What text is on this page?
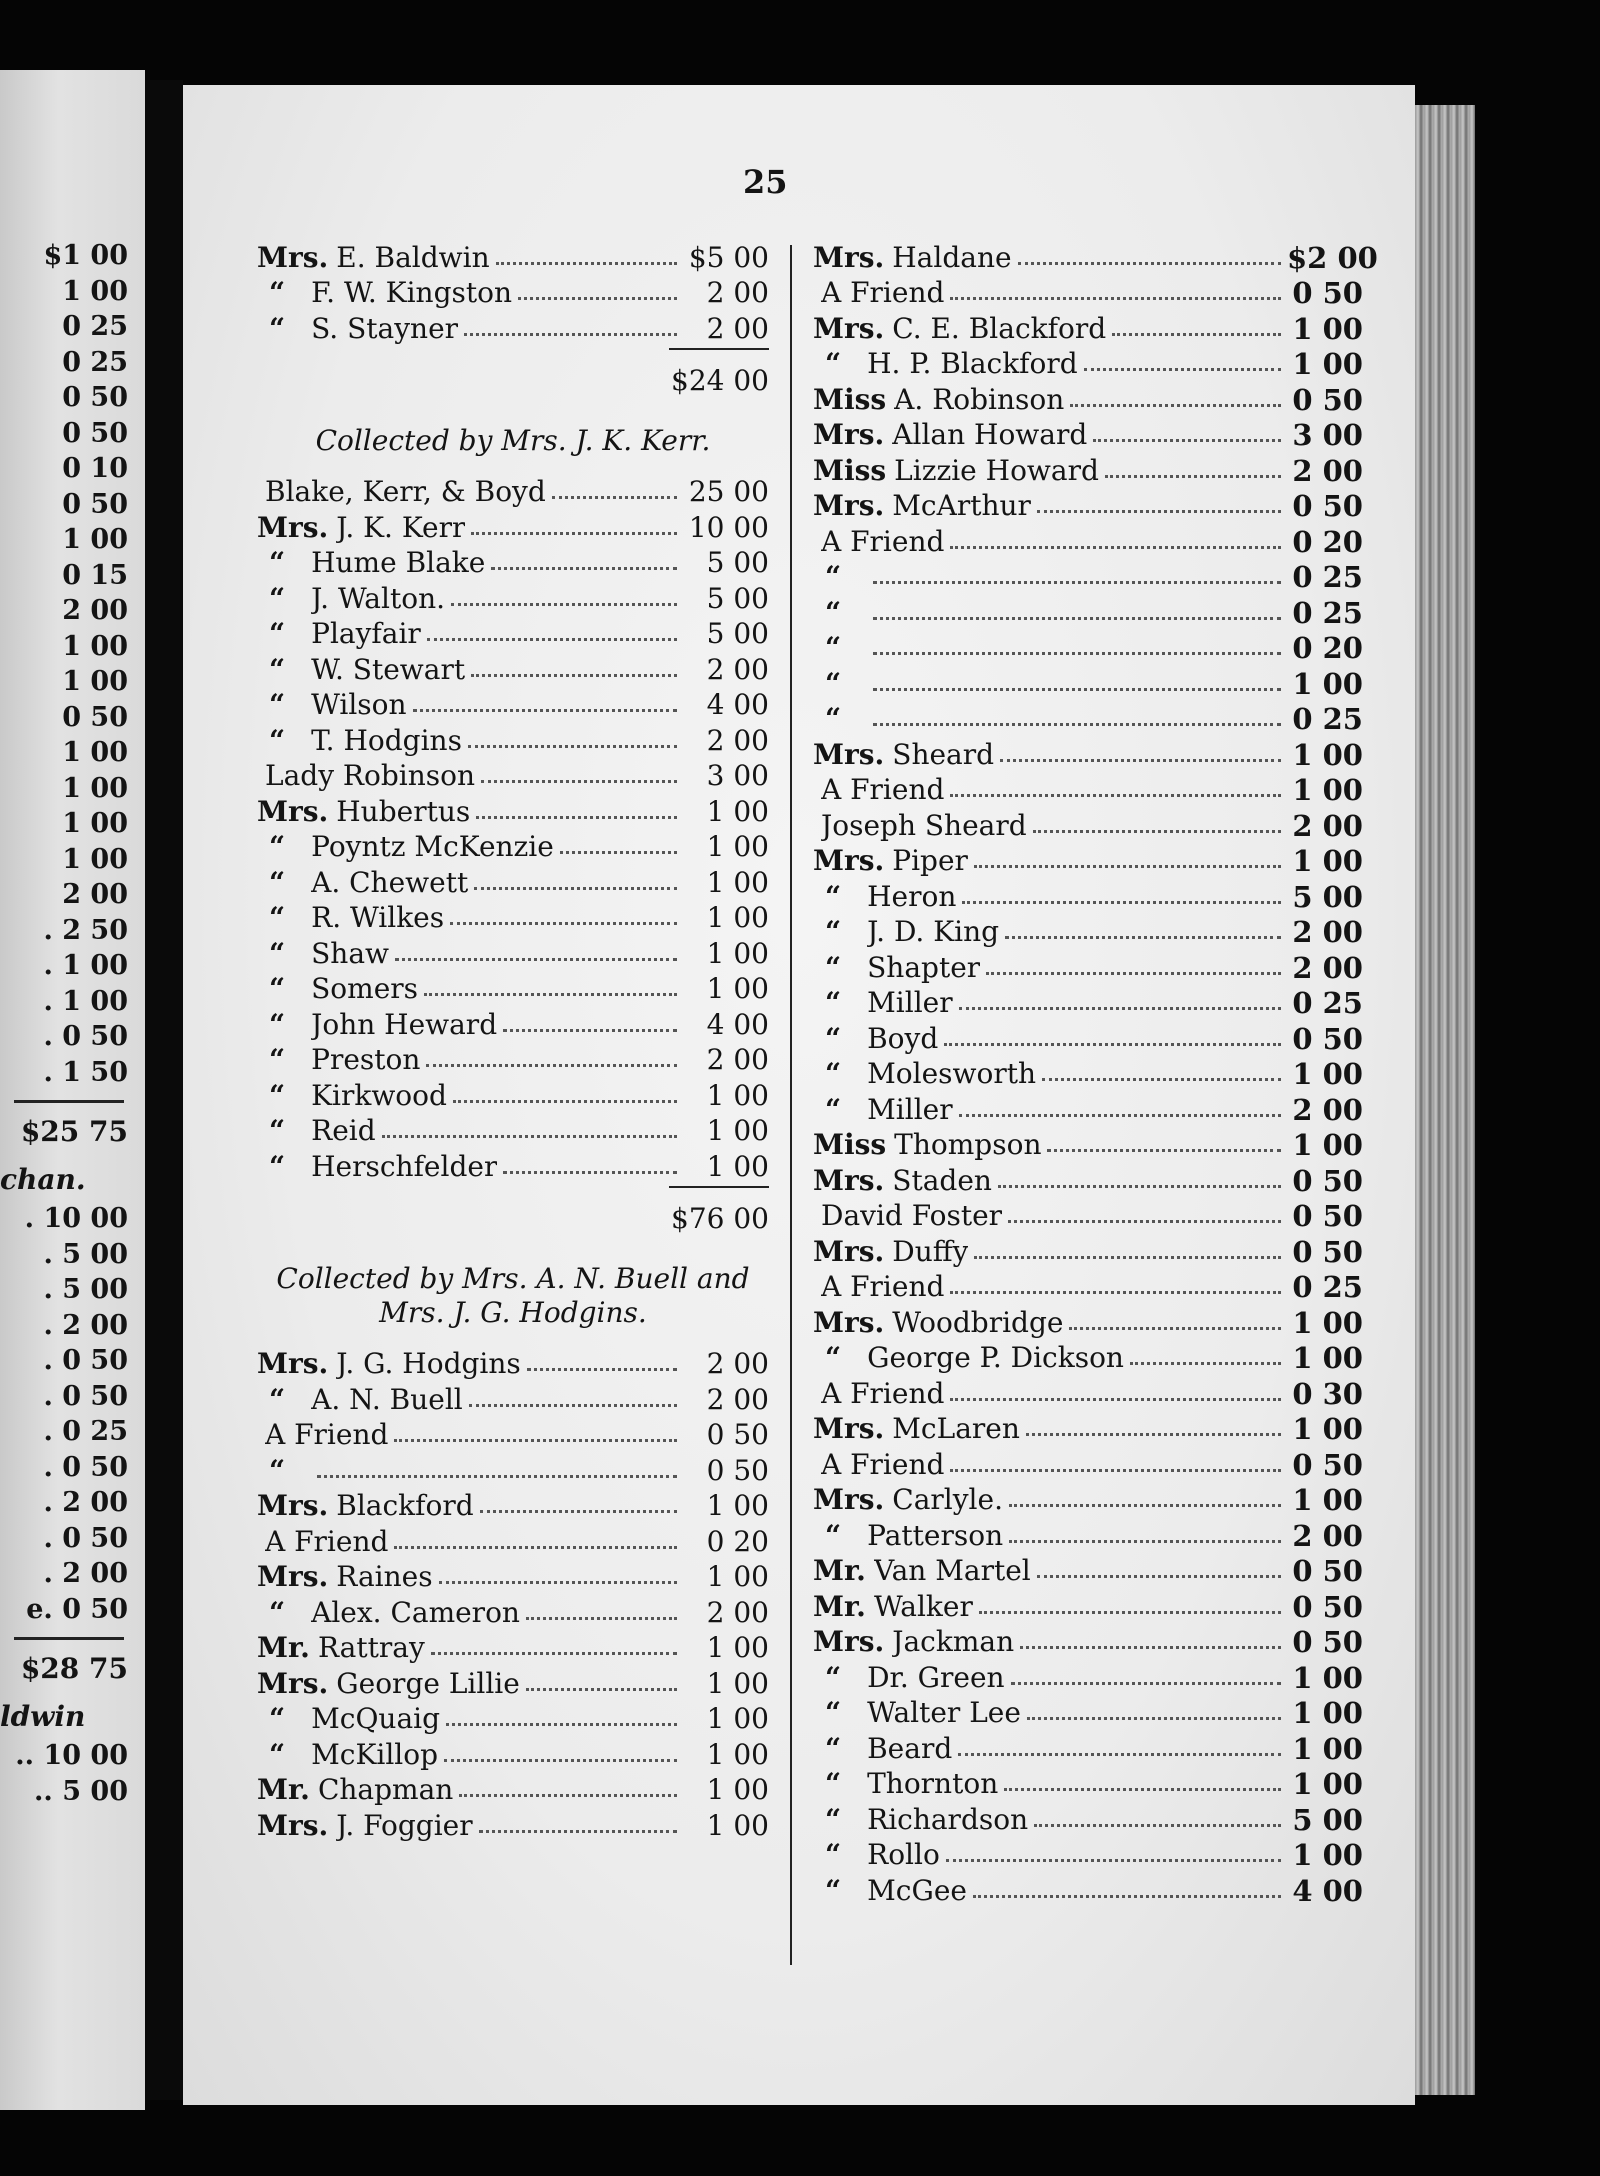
$1 00
1 00
0 25
0 25
0 50
0 50
0 10
0 50
1 00
0 15
2 00
1 00
1 00
0 50
1 00
1 00
1 00
1 00
2 00
. 2 50
. 1 00
. 1 00
. 0 50
. 1 50
$25 75
chan.
. 10 00
. 5 00
. 5 00
. 2 00
. 0 50
. 0 50
. 0 25
. 0 50
. 2 00
. 0 50
. 2 00
e. 0 50
$28 75
ldwin
.. 10 00
.. 5 00
25
Mrs. E. Baldwin	$5 00
“ F. W. Kingston	2 00
“ S. Stayner	2 00
$24 00
Collected by Mrs. J. K. Kerr.
Blake, Kerr, & Boyd	25 00
Mrs. J. K. Kerr	10 00
“ Hume Blake	5 00
“ J. Walton.	5 00
“ Playfair	5 00
“ W. Stewart	2 00
“ Wilson	4 00
“ T. Hodgins	2 00
Lady Robinson	3 00
Mrs. Hubertus	1 00
“ Poyntz McKenzie	1 00
“ A. Chewett	1 00
“ R. Wilkes	1 00
“ Shaw	1 00
“ Somers	1 00
“ John Heward	4 00
“ Preston	2 00
“ Kirkwood	1 00
“ Reid	1 00
“ Herschfelder	1 00
$76 00
Collected by Mrs. A. N. Buell and
Mrs. J. G. Hodgins.
Mrs. J. G. Hodgins	2 00
“ A. N. Buell	2 00
A Friend	0 50
“	0 50
Mrs. Blackford	1 00
A Friend	0 20
Mrs. Raines	1 00
“ Alex. Cameron	2 00
Mr. Rattray	1 00
Mrs. George Lillie	1 00
“ McQuaig	1 00
“ McKillop	1 00
Mr. Chapman	1 00
Mrs. J. Foggier	1 00
Mrs. Haldane	$2 00
A Friend	0 50
Mrs. C. E. Blackford	1 00
“ H. P. Blackford	1 00
Miss A. Robinson	0 50
Mrs. Allan Howard	3 00
Miss Lizzie Howard	2 00
Mrs. McArthur	0 50
A Friend	0 20
“	0 25
“	0 25
“	0 20
“	1 00
“	0 25
Mrs. Sheard	1 00
A Friend	1 00
Joseph Sheard	2 00
Mrs. Piper	1 00
“ Heron	5 00
“ J. D. King	2 00
“ Shapter	2 00
“ Miller	0 25
“ Boyd	0 50
“ Molesworth	1 00
“ Miller	2 00
Miss Thompson	1 00
Mrs. Staden	0 50
David Foster	0 50
Mrs. Duffy	0 50
A Friend	0 25
Mrs. Woodbridge	1 00
“ George P. Dickson	1 00
A Friend	0 30
Mrs. McLaren	1 00
A Friend	0 50
Mrs. Carlyle.	1 00
“ Patterson	2 00
Mr. Van Martel	0 50
Mr. Walker	0 50
Mrs. Jackman	0 50
“ Dr. Green	1 00
“ Walter Lee	1 00
“ Beard	1 00
“ Thornton	1 00
“ Richardson	5 00
“ Rollo	1 00
“ McGee	4 00
